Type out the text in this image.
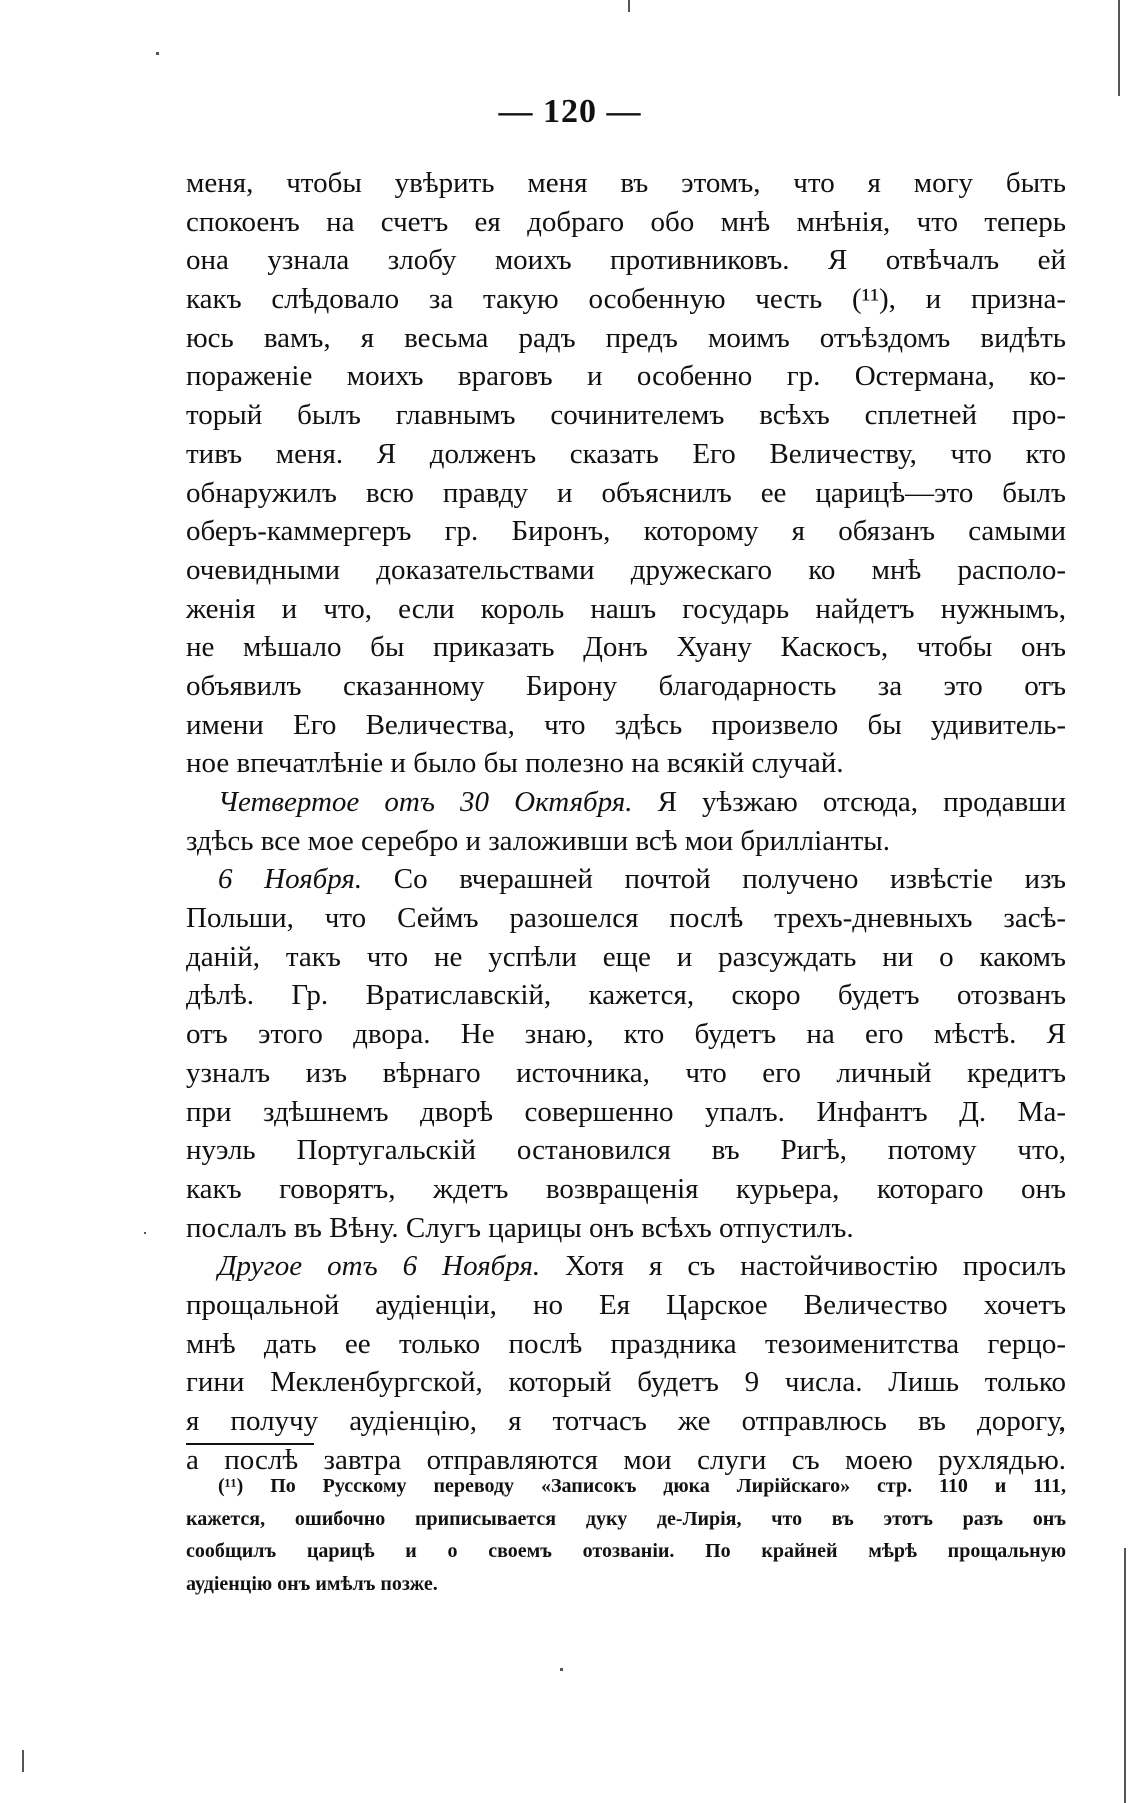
— 120 —
меня, чтобы увѣрить меня въ этомъ, что я могу быть
спокоенъ на счетъ ея добраго обо мнѣ мнѣнія, что теперь
она узнала злобу моихъ противниковъ. Я отвѣчалъ ей
какъ слѣдовало за такую особенную честь (¹¹), и призна-
юсь вамъ, я весьма радъ предъ моимъ отъѣздомъ видѣть
пораженіе моихъ враговъ и особенно гр. Остермана, ко-
торый былъ главнымъ сочинителемъ всѣхъ сплетней про-
тивъ меня. Я долженъ сказать Его Величеству, что кто
обнаружилъ всю правду и объяснилъ ее царицѣ—это былъ
оберъ-каммергеръ гр. Биронъ, которому я обязанъ самыми
очевидными доказательствами дружескаго ко мнѣ располо-
женія и что, если король нашъ государь найдетъ нужнымъ,
не мѣшало бы приказать Донъ Хуану Каскосъ, чтобы онъ
объявилъ сказанному Бирону благодарность за это отъ
имени Его Величества, что здѣсь произвело бы удивитель-
ное впечатлѣніе и было бы полезно на всякій случай.
Четвертое отъ 30 Октября. Я уѣзжаю отсюда, продавши
здѣсь все мое серебро и заложивши всѣ мои брилліанты.
6 Ноября. Со вчерашней почтой получено извѣстіе изъ
Польши, что Сеймъ разошелся послѣ трехъ-дневныхъ засѣ-
даній, такъ что не успѣли еще и разсуждать ни о какомъ
дѣлѣ. Гр. Вратиславскій, кажется, скоро будетъ отозванъ
отъ этого двора. Не знаю, кто будетъ на его мѣстѣ. Я
узналъ изъ вѣрнаго источника, что его личный кредитъ
при здѣшнемъ дворѣ совершенно упалъ. Инфантъ Д. Ма-
нуэль Португальскій остановился въ Ригѣ, потому что,
какъ говорятъ, ждетъ возвращенія курьера, котораго онъ
послалъ въ Вѣну. Слугъ царицы онъ всѣхъ отпустилъ.
Другое отъ 6 Ноября. Хотя я съ настойчивостію просилъ
прощальной аудіенціи, но Ея Царское Величество хочетъ
мнѣ дать ее только послѣ праздника тезоименитства герцо-
гини Мекленбургской, который будетъ 9 числа. Лишь только
я получу аудіенцію, я тотчасъ же отправлюсь въ дорогу,
а послѣ завтра отправляются мои слуги съ моею рухлядью.
(¹¹) По Русскому переводу «Записокъ дюка Лирійскаго» стр. 110 и 111,
кажется, ошибочно приписывается дуку де-Лирія, что въ этотъ разъ онъ
сообщилъ царицѣ и о своемъ отозваніи. По крайней мѣрѣ прощальную
аудіенцію онъ имѣлъ позже.
